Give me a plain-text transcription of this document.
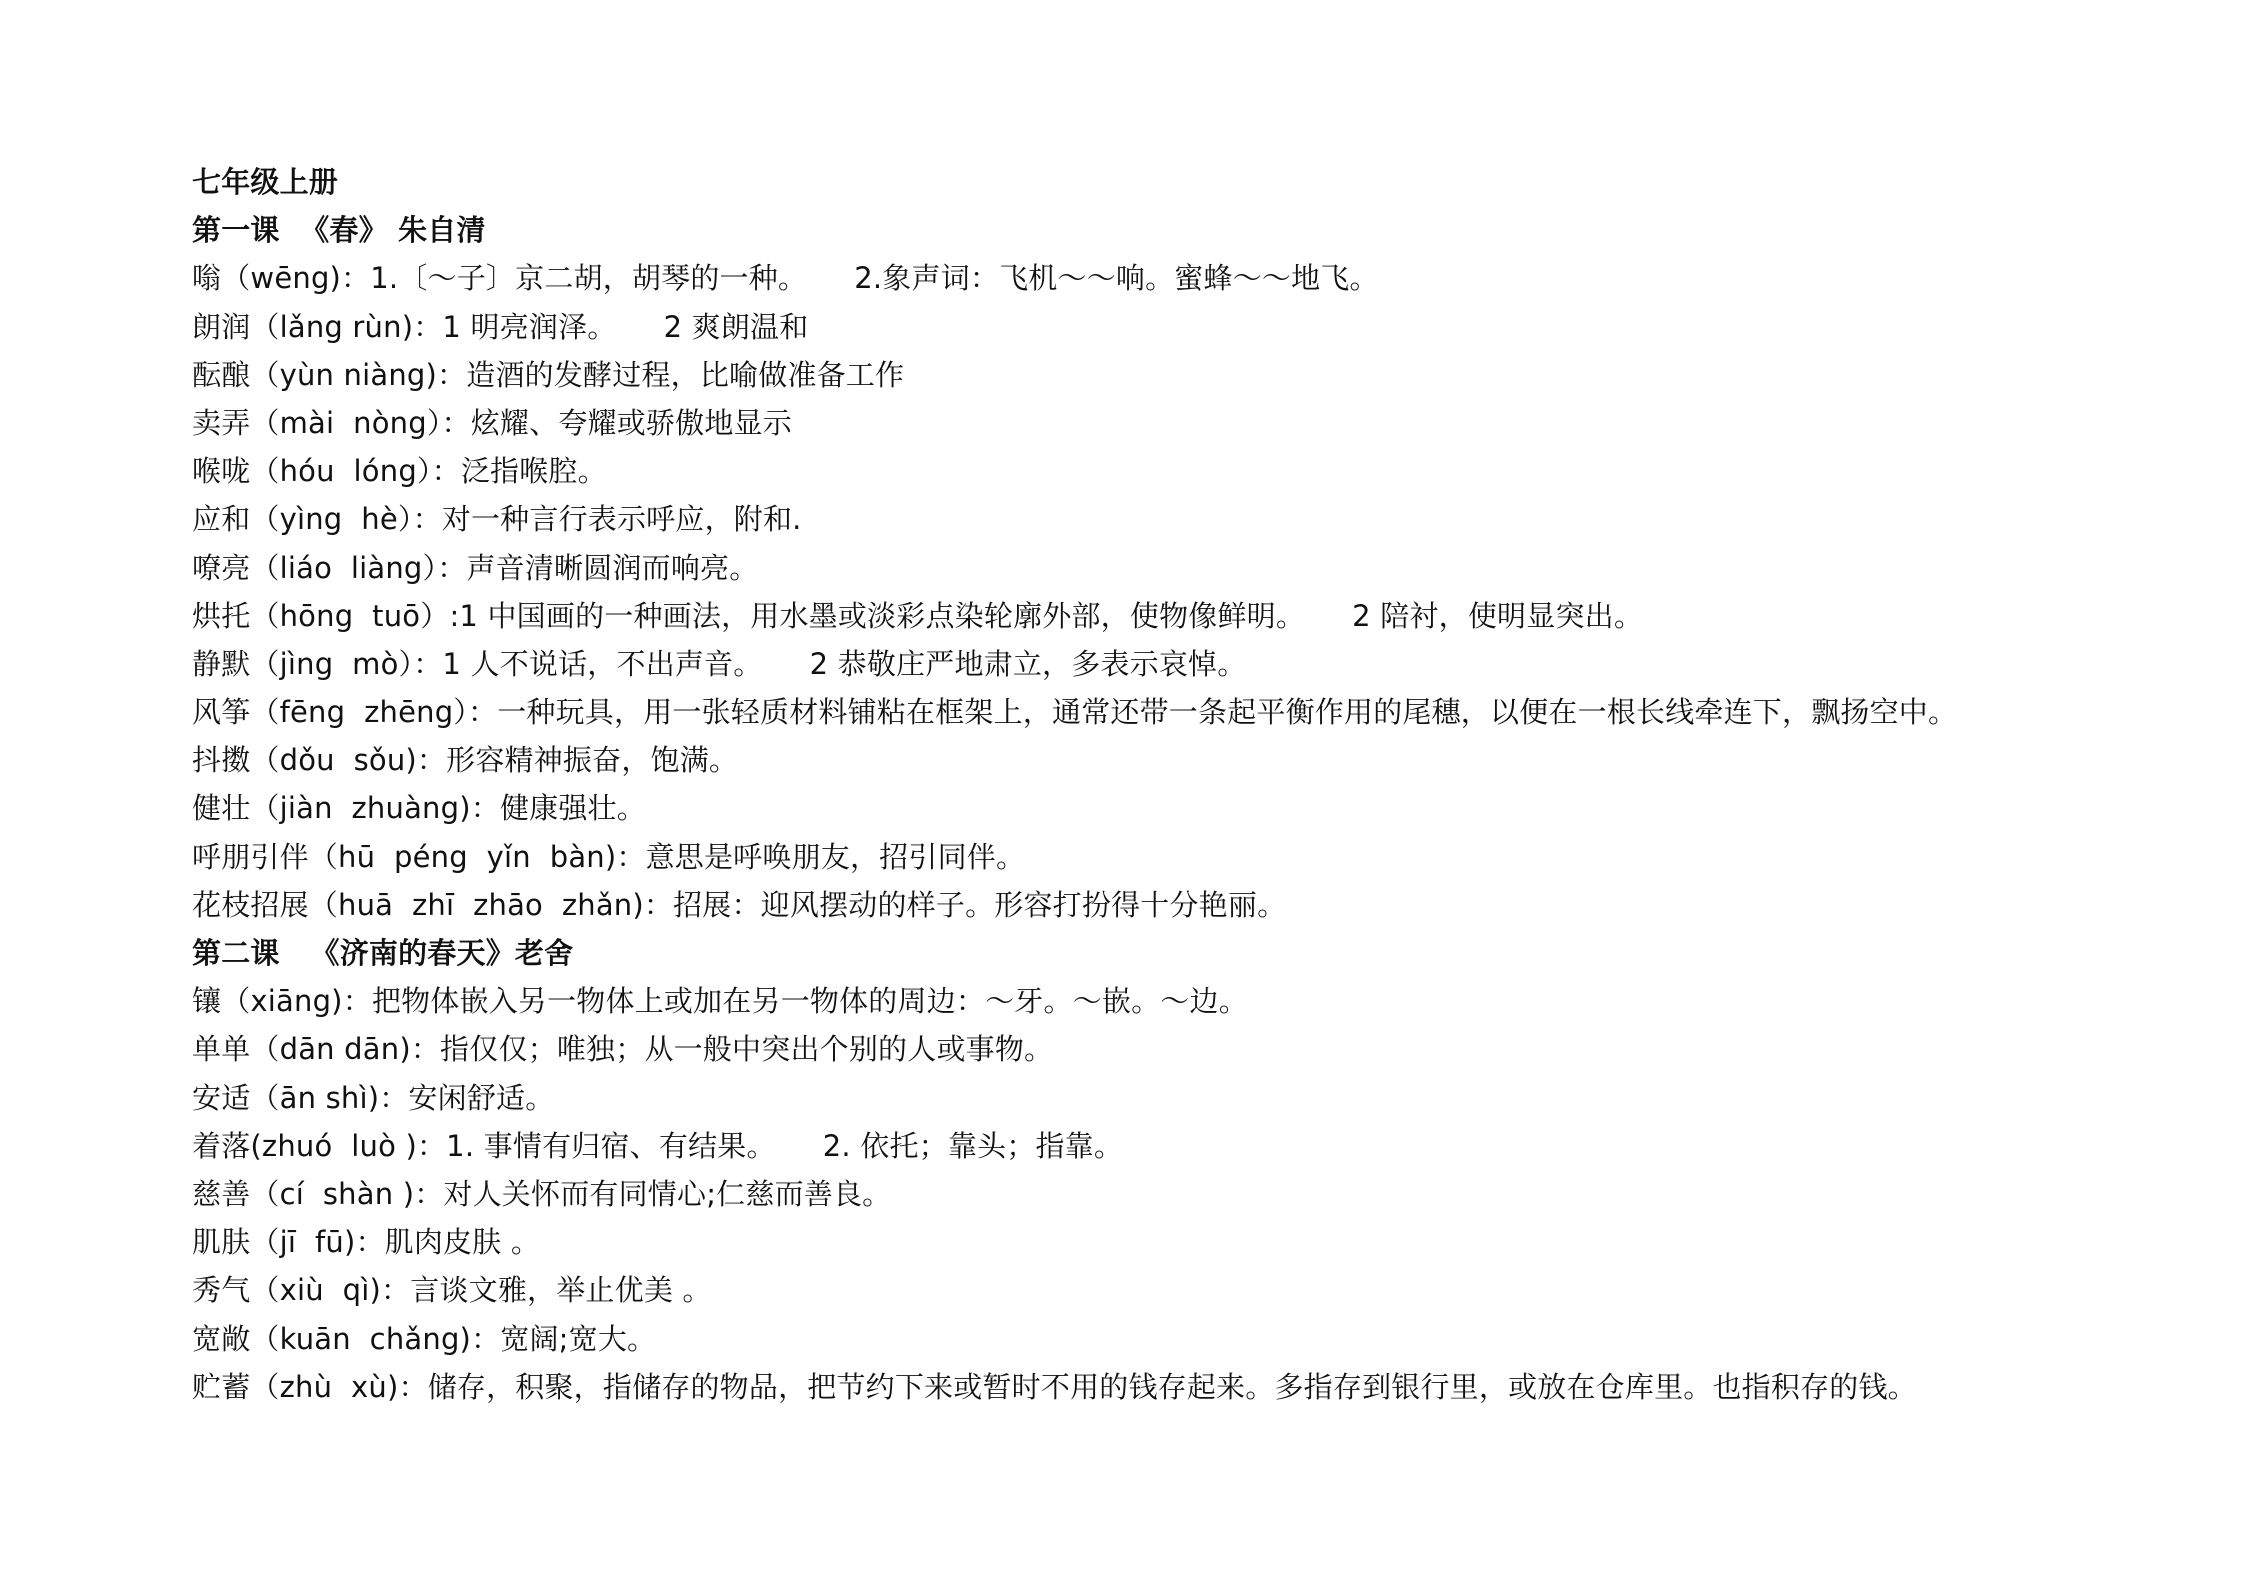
七年级上册
第一课  《春》 朱自清
嗡（wēng)：1.〔～子〕京二胡，胡琴的一种。     2.象声词：飞机～～响。蜜蜂～～地飞。
朗润（lǎng rùn)：1 明亮润泽。     2 爽朗温和
酝酿（yùn niàng)：造酒的发酵过程，比喻做准备工作
卖弄（mài  nòng）：炫耀、夸耀或骄傲地显示
喉咙（hóu  lóng）：泛指喉腔。
应和（yìng  hè）：对一种言行表示呼应，附和.
嘹亮（liáo  liàng）：声音清晰圆润而响亮。
烘托（hōng  tuō）:1 中国画的一种画法，用水墨或淡彩点染轮廓外部，使物像鲜明。     2 陪衬，使明显突出。
静默（jìng  mò）：1 人不说话，不出声音。     2 恭敬庄严地肃立，多表示哀悼。
风筝（fēng  zhēng）：一种玩具，用一张轻质材料铺粘在框架上，通常还带一条起平衡作用的尾穗，以便在一根长线牵连下，飘扬空中。
抖擞（dǒu  sǒu)：形容精神振奋，饱满。
健壮（jiàn  zhuàng)：健康强壮。
呼朋引伴（hū  péng  yǐn  bàn)：意思是呼唤朋友，招引同伴。
花枝招展（huā  zhī  zhāo  zhǎn)：招展：迎风摆动的样子。形容打扮得十分艳丽。
第二课   《济南的春天》老舍
镶（xiāng)：把物体嵌入另一物体上或加在另一物体的周边：～牙。～嵌。～边。
单单（dān dān)：指仅仅；唯独；从一般中突出个别的人或事物。
安适（ān shì)：安闲舒适。
着落(zhuó  luò )：1. 事情有归宿、有结果。     2. 依托；靠头；指靠。
慈善（cí  shàn )：对人关怀而有同情心;仁慈而善良。
肌肤（jī  fū)：肌肉皮肤 。
秀气（xiù  qì)：言谈文雅，举止优美 。
宽敞（kuān  chǎng)：宽阔;宽大。
贮蓄（zhù  xù)：储存，积聚，指储存的物品，把节约下来或暂时不用的钱存起来。多指存到银行里，或放在仓库里。也指积存的钱。
